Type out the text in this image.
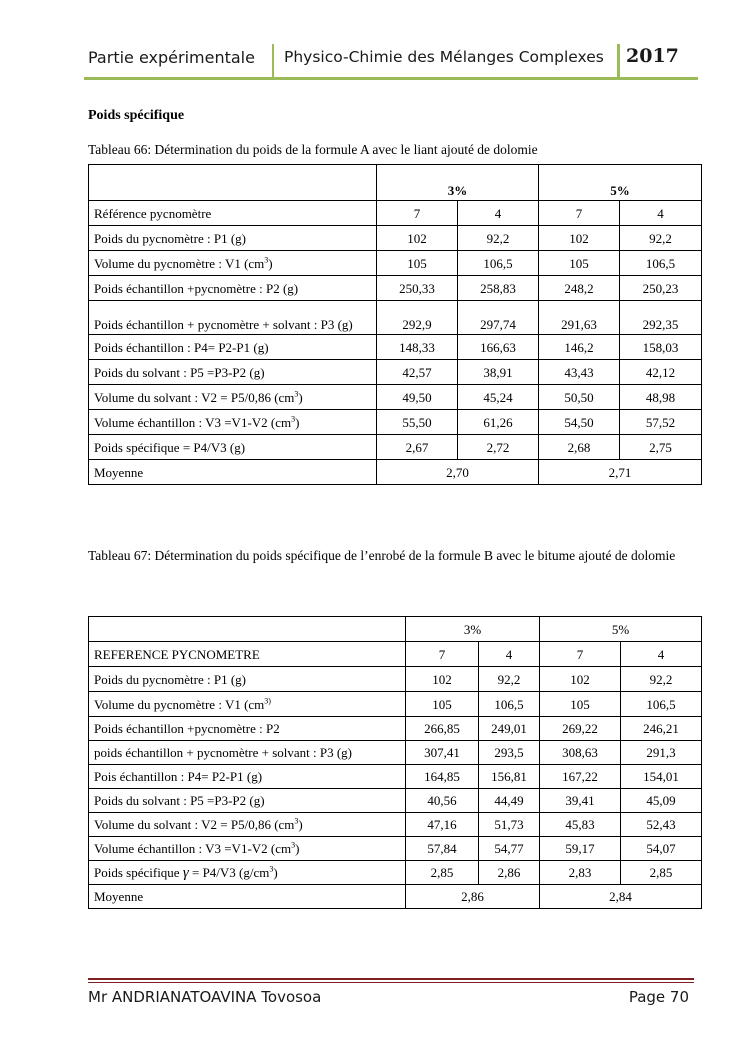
Partie expérimentale Physico-Chimie des Mélanges Complexes 2017
Poids spécifique
Tableau 66: Détermination du poids de la formule A avec le liant ajouté de dolomie
	3%		5%	
Référence pycnomètre	7	4	7	4
Poids du pycnomètre : P1 (g)	102	92,2	102	92,2
Volume du pycnomètre : V1 $(cm^3)$	105	106,5	105	106,5
Poids échantillon +pycnomètre : P2 (g)	250,33	258,83	248,2	250,23
Poids échantillon + pycnomètre + solvant : P3 (g)	292,9	297,74	291,63	292,35
Poids échantillon : P4= P2-P1 (g)	148,33	166,63	146,2	158,03
Poids du solvant : P5 =P3-P2 (g)	42,57	38,91	43,43	42,12
Volume du solvant : V2 = P5/0,86 $(cm^3)$	49,50	45,24	50,50	48,98
Volume échantillon : V3 =V1-V2 $(cm^3)$	55,50	61,26	54,50	57,52
Poids spécifique = P4/V3 (g)	2,67	2,72	2,68	2,75
Moyenne	2,70		2,71	
Tableau 67: Détermination du poids spécifique de l’enrobé de la formule B avec le bitume ajouté de dolomie
	3%		5%	
REFERENCE PYCNOMETRE	7	4	7	4
Poids du pycnomètre : P1 (g)	102	92,2	102	92,2
Volume du pycnomètre : V1 ($cm^{3)}$	105	106,5	105	106,5
Poids échantillon +pycnomètre : P2	266,85	249,01	269,22	246,21
poids échantillon + pycnomètre + solvant : P3 (g)	307,41	293,5	308,63	291,3
Pois échantillon : P4= P2-P1 (g)	164,85	156,81	167,22	154,01
Poids du solvant : P5 =P3-P2 (g)	40,56	44,49	39,41	45,09
Volume du solvant : V2 = P5/0,86 $(cm^3)$	47,16	51,73	45,83	52,43
Volume échantillon : V3 =V1-V2 $(cm^3)$	57,84	54,77	59,17	54,07
Poids spécifique γ = P4/V3 $(g/cm^3)$	2,85	2,86	2,83	2,85
Moyenne	2,86		2,84	
Mr ANDRIANATOAVINA Tovosoa	Page 70
